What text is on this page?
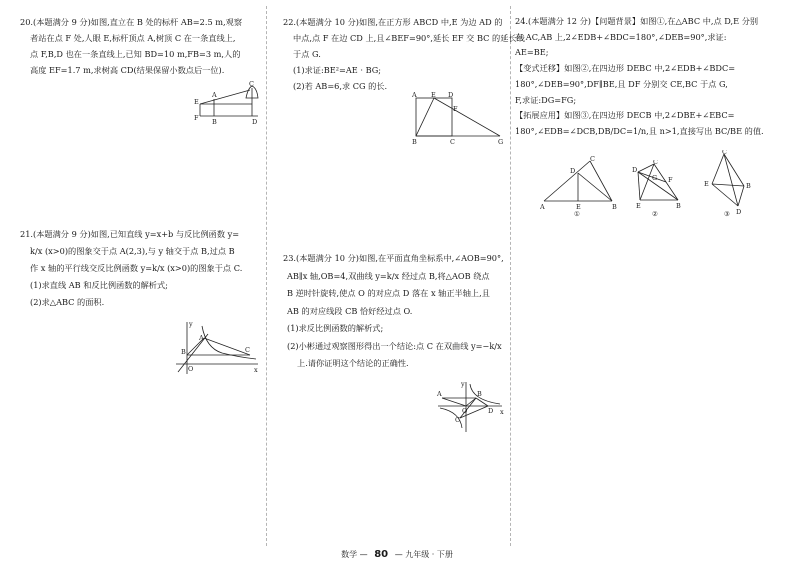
20.(本题满分 9 分)如图,直立在 B 处的标杆 AB=2.5 m,观察

者站在点 F 处,人眼 E,标杆顶点 A,树顶 C 在一条直线上,

点 F,B,D 也在一条直线上,已知 BD=10 m,FB=3 m,人的

高度 EF=1.7 m,求树高 CD(结果保留小数点后一位).

C
E
A
F B	D

21.(本题满分 9 分)如图,已知直线 y=x+b 与反比例函数 y=

k/x (x>0)的图象交于点 A(2,3),与 y 轴交于点 B,过点 B

作 x 轴的平行线交反比例函数 y=k/x (x>0)的图象于点 C.

(1)求直线 AB 和反比例函数的解析式;

(2)求△ABC 的面积.

y
x
A
B	C
O

22.(本题满分 10 分)如图,在正方形 ABCD 中,E 为边 AD 的

中点,点 F 在边 CD 上,且∠BEF=90°,延长 EF 交 BC 的延长线

于点 G.

(1)求证:BE²=AE · BG;

(2)若 AB=6,求 CG 的长.

A E D
F
B	C	G

23.(本题满分 10 分)如图,在平面直角坐标系中,∠AOB=90°,

AB∥x 轴,OB=4,双曲线 y=k/x 经过点 B,将△AOB 绕点

B 逆时针旋转,使点 O 的对应点 D 落在 x 轴正半轴上,且

AB 的对应线段 CB 恰好经过点 O.

(1)求反比例函数的解析式;

(2)小彬通过观察图形得出一个结论:点 C 在双曲线 y=−k/x

上.请你证明这个结论的正确性.

y
x
A	B
C
O	D

24.(本题满分 12 分)【问题背景】如图①,在△ABC 中,点 D,E 分别

在 AC,AB 上,2∠EDB+∠BDC=180°,∠DEB=90°,求证:

AE=BE;

【变式迁移】如图②,在四边形 DEBC 中,2∠EDB+∠BDC=

180°,∠DEB=90°,DF∥BE,且 DF 分别交 CE,BC 于点 G,

F,求证:DG=FG;

【拓展应用】如图③,在四边形 DECB 中,2∠DBE+∠EBC=

180°,∠EDB=∠DCB,DB/DC=1/n,且 n>1,直接写出 BC/BE 的值.

C
D
A	E	B
①
C
D
G F
E	B
②
C
E	B
D
③
数学 — 80 — 九年级 · 下册
